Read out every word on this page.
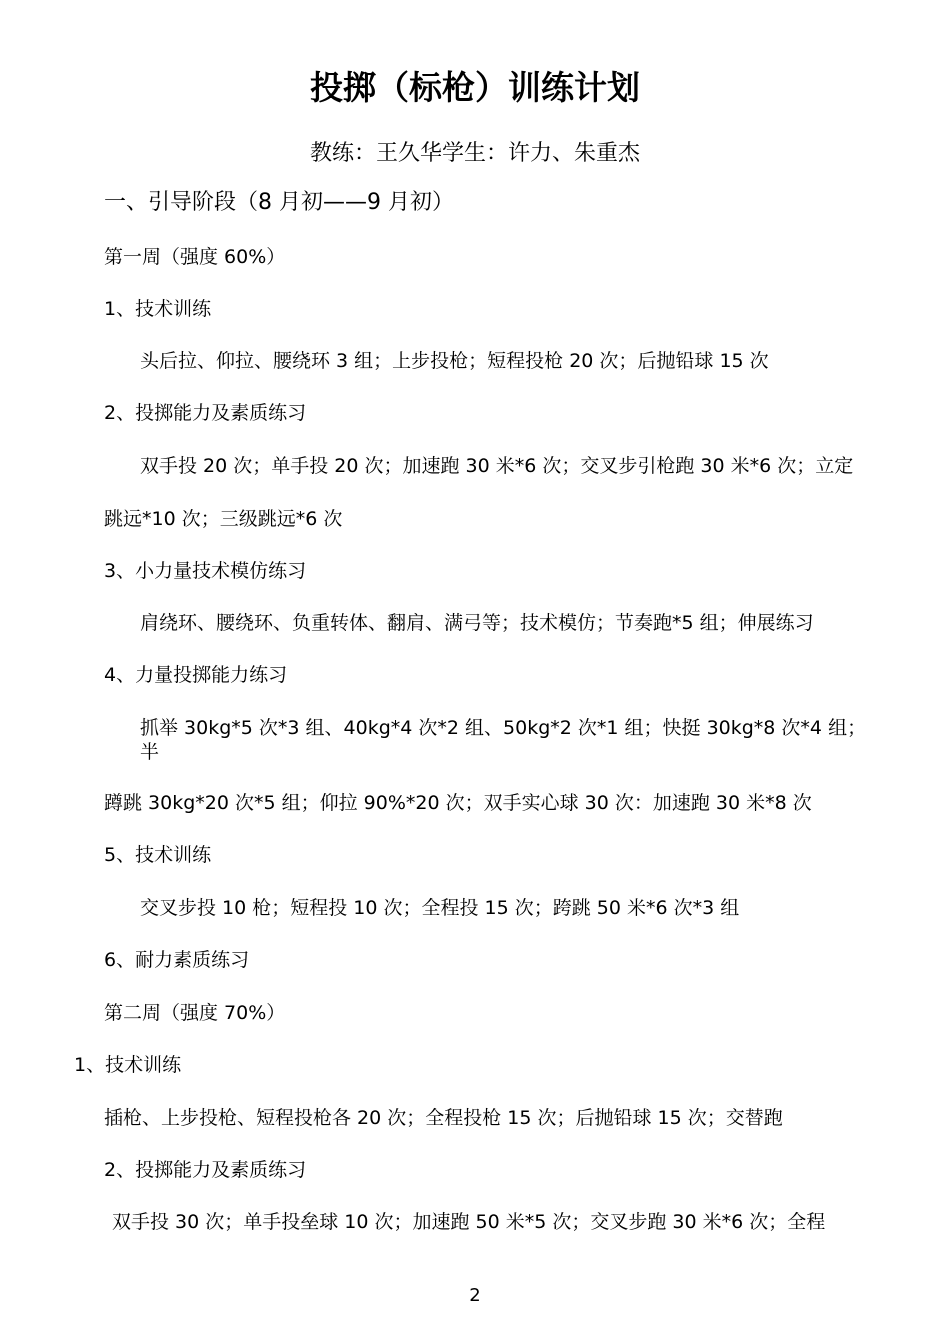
投掷（标枪）训练计划
教练：王久华学生：许力、朱重杰
一、引导阶段（8 月初——9 月初）
第一周（强度 60%）
1、技术训练
头后拉、仰拉、腰绕环 3 组；上步投枪；短程投枪 20 次；后抛铅球 15 次
2、投掷能力及素质练习
双手投 20 次；单手投 20 次；加速跑 30 米*6 次；交叉步引枪跑 30 米*6 次；立定
跳远*10 次；三级跳远*6 次
3、小力量技术模仿练习
肩绕环、腰绕环、负重转体、翻肩、满弓等；技术模仿；节奏跑*5 组；伸展练习
4、力量投掷能力练习
抓举 30kg*5 次*3 组、40kg*4 次*2 组、50kg*2 次*1 组；快挺 30kg*8 次*4 组；半
蹲跳 30kg*20 次*5 组；仰拉 90%*20 次；双手实心球 30 次：加速跑 30 米*8 次
5、技术训练
交叉步投 10 枪；短程投 10 次；全程投 15 次；跨跳 50 米*6 次*3 组
6、耐力素质练习
第二周（强度 70%）
1、技术训练
插枪、上步投枪、短程投枪各 20 次；全程投枪 15 次；后抛铅球 15 次；交替跑
2、投掷能力及素质练习
双手投 30 次；单手投垒球 10 次；加速跑 50 米*5 次；交叉步跑 30 米*6 次；全程
2
